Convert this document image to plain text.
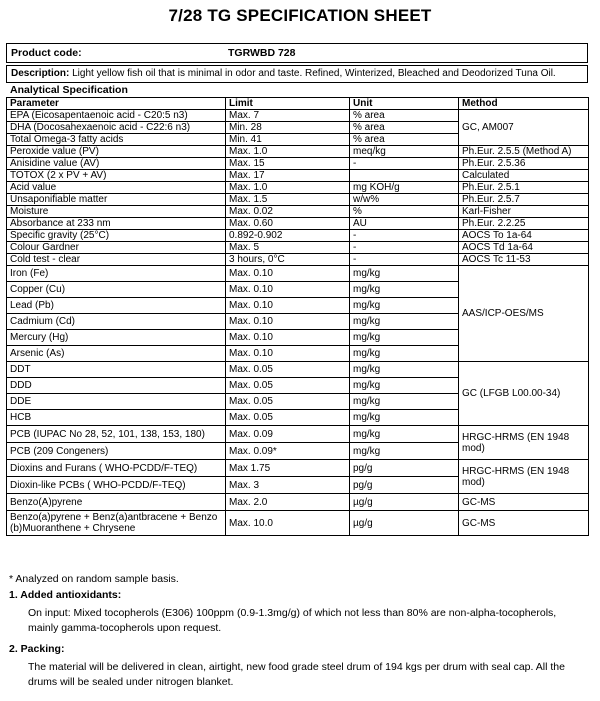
7/28 TG SPECIFICATION SHEET
Product code:	TGRWBD 728
Description: Light yellow fish oil that is minimal in odor and taste. Refined, Winterized, Bleached and Deodorized Tuna Oil.
Analytical Specification
Parameter	Limit	Unit	Method
EPA (Eicosapentaenoic acid - C20:5 n3)	Max. 7	% area	GC, AM007
DHA (Docosahexaenoic acid - C22:6 n3)	Min. 28	% area	
Total Omega-3 fatty acids	Min. 41	% area	
Peroxide value (PV)	Max. 1.0	meq/kg	Ph.Eur. 2.5.5 (Method A)
Anisidine value (AV)	Max. 15	-	Ph.Eur. 2.5.36
TOTOX (2 x PV + AV)	Max. 17		Calculated
Acid value	Max. 1.0	mg KOH/g	Ph.Eur. 2.5.1
Unsaponifiable matter	Max. 1.5	w/w%	Ph.Eur. 2.5.7
Moisture	Max. 0.02	%	Karl-Fisher
Absorbance at 233 nm	Max. 0.60	AU	Ph.Eur. 2.2.25
Specific gravity (25°C)	0.892-0.902	-	AOCS To 1a-64
Colour Gardner	Max. 5	-	AOCS Td 1a-64
Cold test - clear	3 hours, 0°C	-	AOCS Tc 11-53
Iron (Fe)	Max. 0.10	mg/kg	AAS/ICP-OES/MS
Copper (Cu)	Max. 0.10	mg/kg	
Lead (Pb)	Max. 0.10	mg/kg	
Cadmium (Cd)	Max. 0.10	mg/kg	
Mercury (Hg)	Max. 0.10	mg/kg	
Arsenic (As)	Max. 0.10	mg/kg	
DDT	Max. 0.05	mg/kg	GC (LFGB L00.00-34)
DDD	Max. 0.05	mg/kg	
DDE	Max. 0.05	mg/kg	
HCB	Max. 0.05	mg/kg	
PCB (IUPAC No 28, 52, 101, 138, 153, 180)	Max. 0.09	mg/kg	HRGC-HRMS (EN 1948 mod)
PCB (209 Congeners)	Max. 0.09*	mg/kg	
Dioxins and Furans ( WHO-PCDD/F-TEQ)	Max 1.75	pg/g	HRGC-HRMS (EN 1948 mod)
Dioxin-like PCBs ( WHO-PCDD/F-TEQ)	Max. 3	pg/g	
Benzo(A)pyrene	Max. 2.0	µg/g	GC-MS
Benzo(a)pyrene + Benz(a)antbracene + Benzo (b)Muoranthene + Chrysene	Max. 10.0	µg/g	GC-MS
* Analyzed on random sample basis.
1. Added antioxidants:
On input: Mixed tocopherols (E306) 100ppm (0.9-1.3mg/g) of which not less than 80% are non-alpha-tocopherols, mainly gamma-tocopherols upon request.
2. Packing:
The material will be delivered in clean, airtight, new food grade steel drum of 194 kgs per drum with seal cap. All the drums will be sealed under nitrogen blanket.
